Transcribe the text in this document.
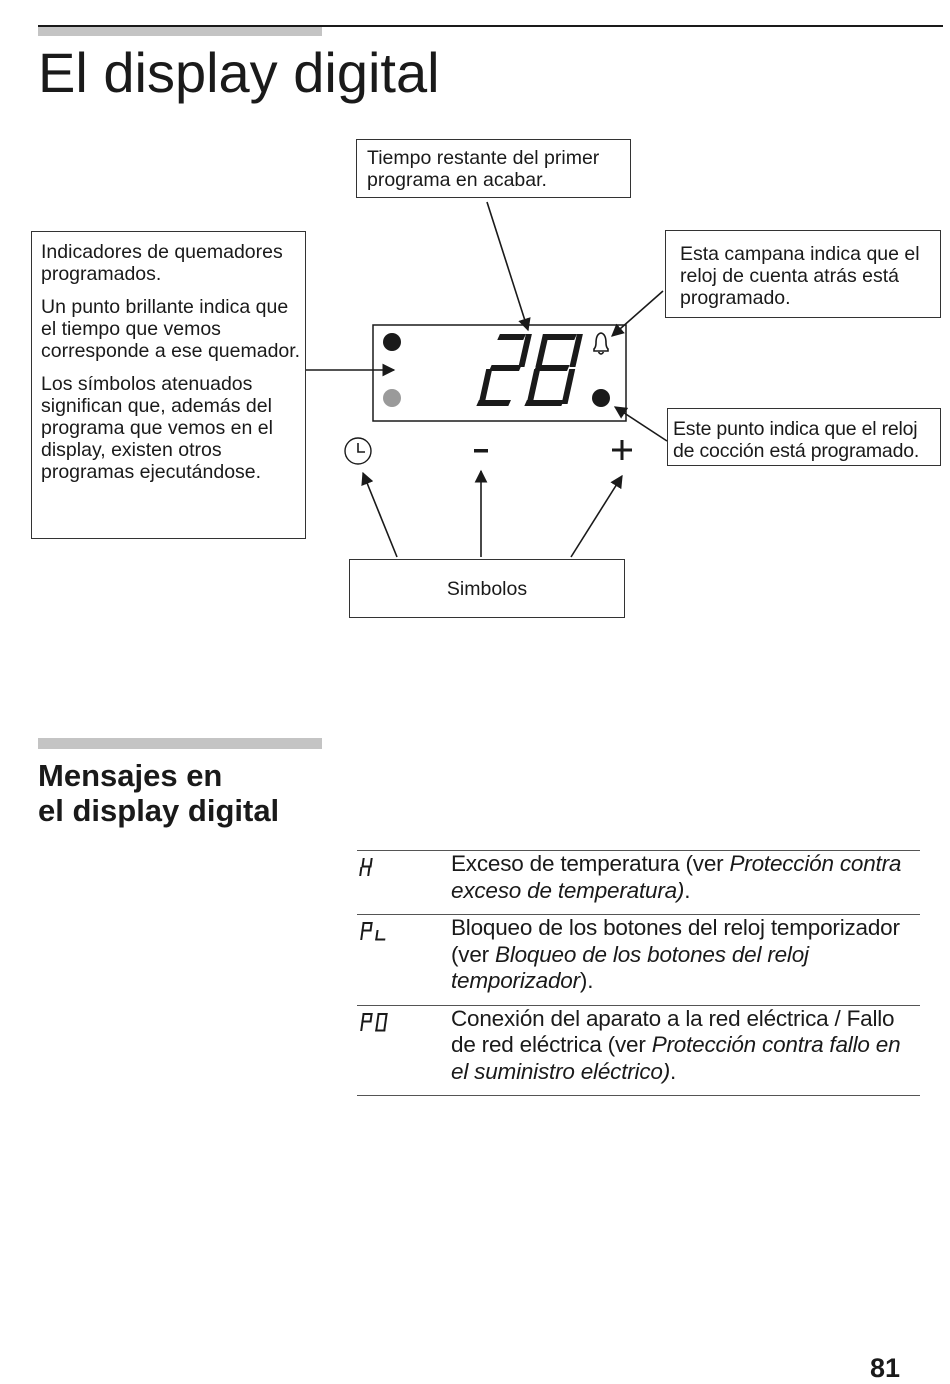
El display digital
Tiempo restante del primer programa en acabar.

Indicadores de quemadores programados.

Un punto brillante indica que el tiempo que vemos corresponde a ese quemador.

Los símbolos atenuados significan que, además del programa que vemos en el display, existen otros programas ejecutándose.

Esta campana indica que el reloj de cuenta atrás está programado.
Este punto indica que el reloj
de cocción está programado.
Simbolos
Mensajes en
el display digital
Exceso de temperatura (ver Protección contra exceso de temperatura).
Bloqueo de los botones del reloj temporizador (ver Bloqueo de los botones del reloj temporizador).
Conexión del aparato a la red eléctrica / Fallo de red eléctrica (ver Protección contra fallo en el suministro eléctrico).
81
